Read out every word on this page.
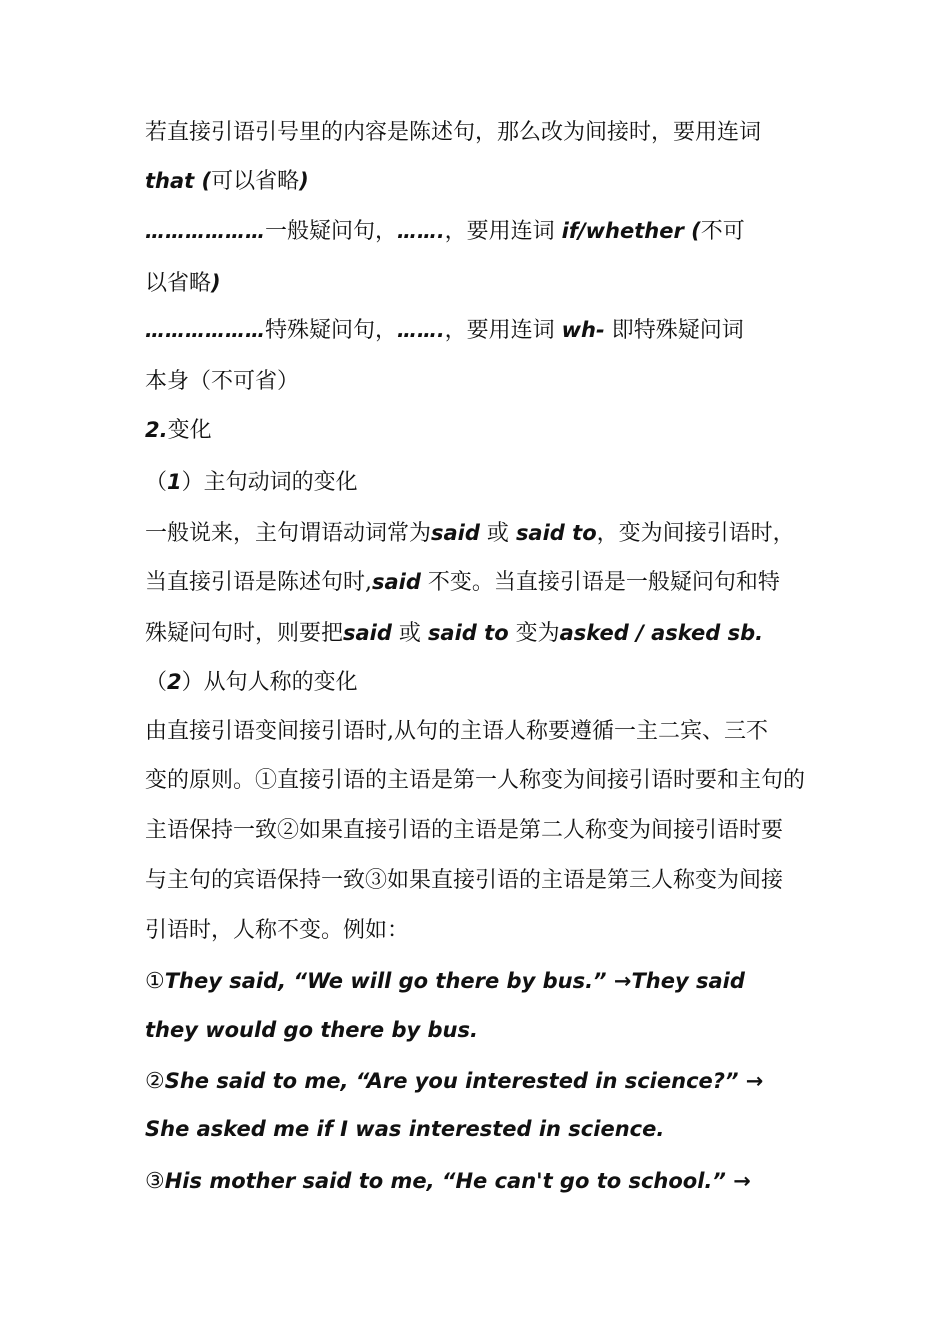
若直接引语引号里的内容是陈述句，那么改为间接时，要用连词
that (可以省略)
………………一般疑问句，…….，要用连词 if/whether (不可
以省略)
………………特殊疑问句，…….，要用连词 wh- 即特殊疑问词
本身（不可省）
2.变化
（1）主句动词的变化
一般说来，主句谓语动词常为said 或 said to，变为间接引语时，
当直接引语是陈述句时,said 不变。当直接引语是一般疑问句和特
殊疑问句时，则要把said 或 said to 变为asked / asked sb.
（2）从句人称的变化
由直接引语变间接引语时,从句的主语人称要遵循一主二宾、三不
变的原则。①直接引语的主语是第一人称变为间接引语时要和主句的
主语保持一致②如果直接引语的主语是第二人称变为间接引语时要
与主句的宾语保持一致③如果直接引语的主语是第三人称变为间接
引语时，人称不变。例如：
①They said, “We will go there by bus.” →They said
they would go there by bus.
②She said to me, “Are you interested in science?” →
She asked me if I was interested in science.
③His mother said to me, “He can't go to school.” →
